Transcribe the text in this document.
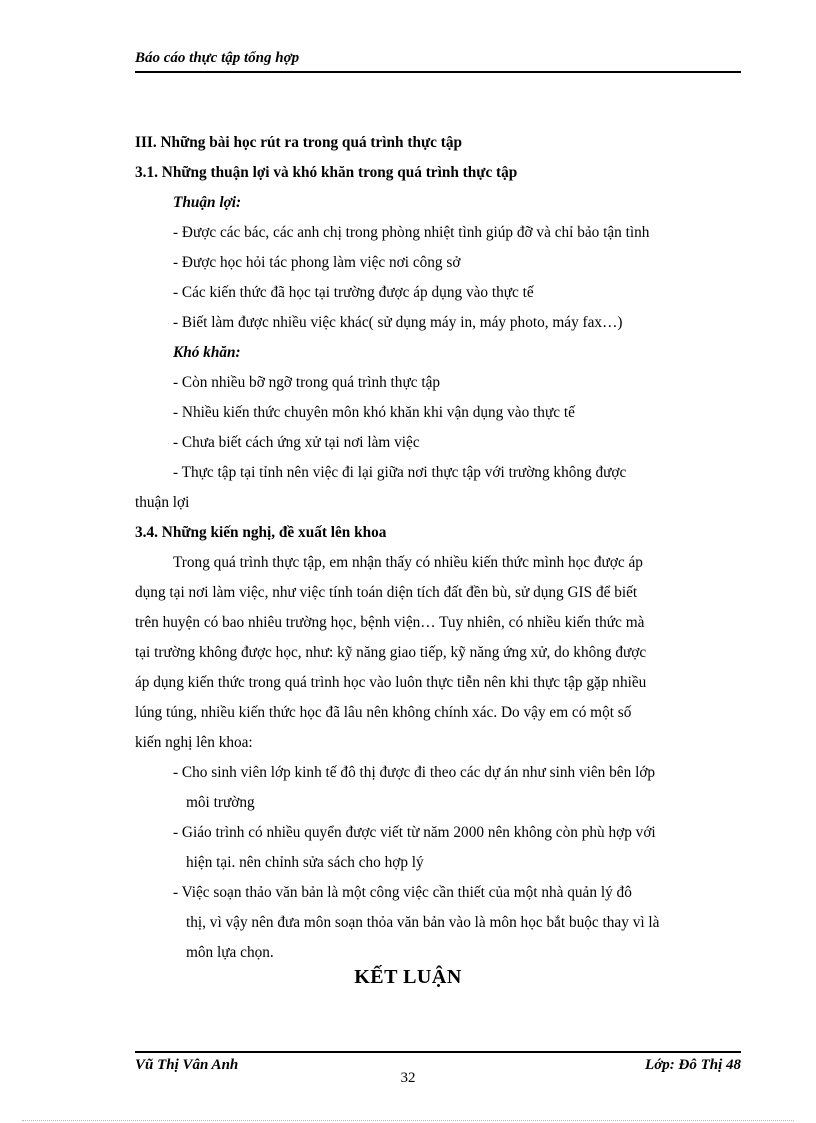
Báo cáo thực tập tổng hợp
III. Những bài học rút ra trong quá trình thực tập
3.1. Những thuận lợi và khó khăn trong quá trình thực tập
Thuận lợi:
- Được các bác, các anh chị trong phòng nhiệt tình giúp đỡ và chỉ bảo tận tình
- Được học hỏi tác phong làm việc nơi công sở
- Các kiến thức đã học tại trường được áp dụng vào thực tế
- Biết làm được nhiều việc khác( sử dụng máy in, máy photo, máy fax…)
Khó khăn:
- Còn nhiều bỡ ngỡ trong quá trình thực tập
- Nhiều kiến thức chuyên môn khó khăn khi vận dụng vào thực tế
- Chưa biết cách ứng xử tại nơi làm việc
- Thực tập tại tỉnh nên việc đi lại giữa nơi thực tập với trường không được
thuận lợi
3.4. Những kiến nghị, đề xuất lên khoa
Trong quá trình thực tập, em nhận thấy có nhiều kiến thức mình học được áp
dụng tại nơi làm việc, như việc tính toán diện tích đất đền bù, sử dụng GIS để biết
trên huyện có bao nhiêu trường học, bệnh viện… Tuy nhiên, có nhiều kiến thức mà
tại trường không được học, như: kỹ năng giao tiếp, kỹ năng ứng xử, do không được
áp dụng kiến thức trong quá trình học vào luôn thực tiễn nên khi thực tập gặp nhiều
lúng túng, nhiều kiến thức học đã lâu nên không chính xác. Do vậy em có một số
kiến nghị lên khoa:
- Cho sinh viên lớp kinh tế đô thị được đi theo các dự án như sinh viên bên lớp
môi trường
- Giáo trình có nhiều quyển được viết từ năm 2000 nên không còn phù hợp với
hiện tại. nên chỉnh sửa sách cho hợp lý
- Việc soạn thảo văn bản là một công việc cần thiết của một nhà quản lý đô
thị, vì vậy nên đưa môn soạn thỏa văn bản vào là môn học bắt buộc thay vì là
môn lựa chọn.
KẾT LUẬN
Vũ Thị Vân Anh	Lớp: Đô Thị 48
32
